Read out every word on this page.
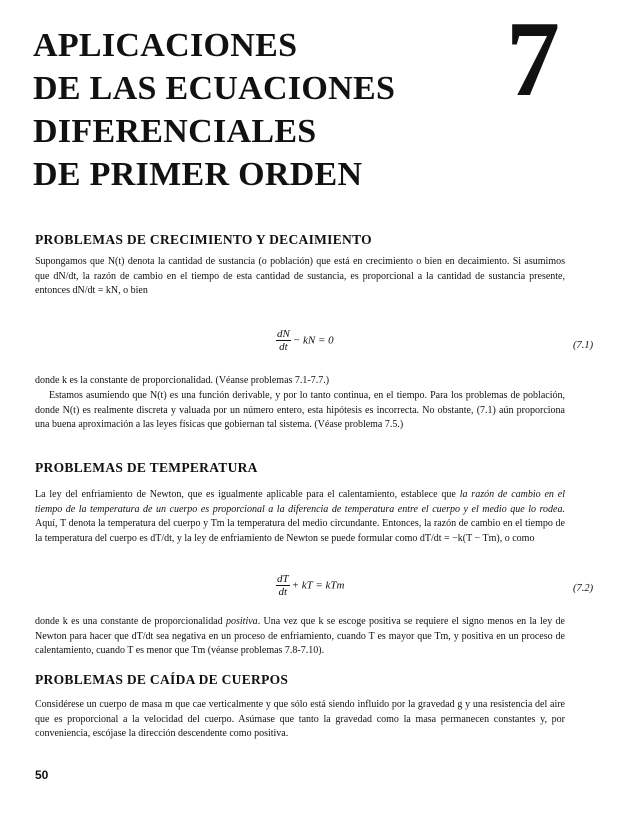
APLICACIONES
DE LAS ECUACIONES
DIFERENCIALES
DE PRIMER ORDEN
7
PROBLEMAS DE CRECIMIENTO Y DECAIMIENTO
Supongamos que N(t) denota la cantidad de sustancia (o población) que está en crecimiento o bien en decaimiento. Si asumimos que dN/dt, la razón de cambio en el tiempo de esta cantidad de sustancia, es proporcional a la cantidad de sustancia presente, entonces dN/dt = kN, o bien
$\frac{dN}{dt}$ − kN = 0	(7.1)
donde k es la constante de proporcionalidad. (Véanse problemas 7.1-7.7.)
Estamos asumiendo que N(t) es una función derivable, y por lo tanto continua, en el tiempo. Para los problemas de población, donde N(t) es realmente discreta y valuada por un número entero, esta hipótesis es incorrecta. No obstante, (7.1) aún proporciona una buena aproximación a las leyes físicas que gobiernan tal sistema. (Véase problema 7.5.)
PROBLEMAS DE TEMPERATURA
La ley del enfriamiento de Newton, que es igualmente aplicable para el calentamiento, establece que la razón de cambio en el tiempo de la temperatura de un cuerpo es proporcional a la diferencia de temperatura entre el cuerpo y el medio que lo rodea. Aquí, T denota la temperatura del cuerpo y Tm la temperatura del medio circundante. Entonces, la razón de cambio en el tiempo de la temperatura del cuerpo es dT/dt, y la ley de enfriamiento de Newton se puede formular como dT/dt = −k(T − Tm), o como
$\frac{dT}{dt}$ + kT = kTm	(7.2)
donde k es una constante de proporcionalidad positiva. Una vez que k se escoge positiva se requiere el signo menos en la ley de Newton para hacer que dT/dt sea negativa en un proceso de enfriamiento, cuando T es mayor que Tm, y positiva en un proceso de calentamiento, cuando T es menor que Tm (véanse problemas 7.8-7.10).
PROBLEMAS DE CAÍDA DE CUERPOS
Considérese un cuerpo de masa m que cae verticalmente y que sólo está siendo influido por la gravedad g y una resistencia del aire que es proporcional a la velocidad del cuerpo. Asúmase que tanto la gravedad como la masa permanecen constantes y, por conveniencia, escójase la dirección descendente como positiva.
50
